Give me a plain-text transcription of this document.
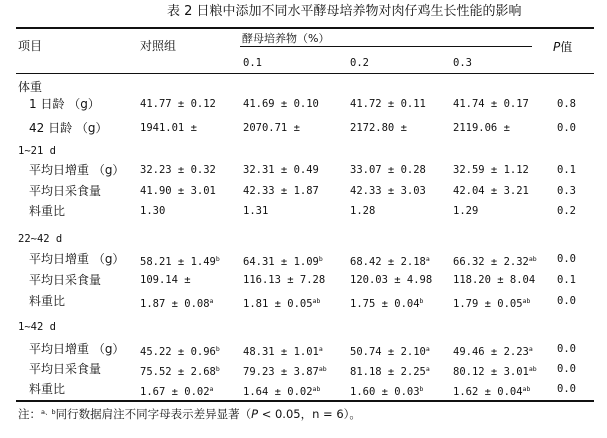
表 2 日粮中添加不同水平酵母培养物对肉仔鸡生长性能的影响
项目	对照组
酵母培养物（%）
0.1	0.2	0.3
P值
体重
1 日龄 （g）	41.77 ± 0.12	41.69 ± 0.10	41.72 ± 0.11	41.74 ± 0.17	0.8
42 日龄 （g）	1941.01 ±	2070.71 ±	2172.80 ±	2119.06 ±	0.0
1~21 d
平均日增重 （g） 32.23 ± 0.32	32.31 ± 0.49	33.07 ± 0.28	32.59 ± 1.12	0.1
平均日采食量	41.90 ± 3.01	42.33 ± 1.87	42.33 ± 3.03	42.04 ± 3.21	0.3
料重比	1.30	1.31	1.28	1.29	0.2
22~42 d
平均日增重 （g） 58.21 ± 1.49$^b$ 64.31 ± 1.09$^b$	68.42 ± 2.18$^a$ 66.32 ± 2.32$^{ab}$ 0.0
平均日采食量	109.14 ±	116.13 ± 7.28 120.03 ± 4.98 118.20 ± 8.04 0.1
料重比	1.87 ± 0.08$^a$	1.81 ± 0.05$^{ab}$	1.75 ± 0.04$^b$	1.79 ± 0.05$^{ab}$	0.0
1~42 d
平均日增重 （g） 45.22 ± 0.96$^b$ 48.31 ± 1.01$^a$	50.74 ± 2.10$^a$ 49.46 ± 2.23$^a$ 0.0
平均日采食量	75.52 ± 2.68$^b$ 79.23 ± 3.87$^{ab}$ 81.18 ± 2.25$^a$ 80.12 ± 3.01$^{ab}$ 0.0
料重比	1.67 ± 0.02$^a$	1.64 ± 0.02$^{ab}$	1.60 ± 0.03$^b$	1.62 ± 0.04$^{ab}$	0.0
注：$^{a、b}$同行数据肩注不同字母表示差异显著（P < 0.05，n = 6）。
